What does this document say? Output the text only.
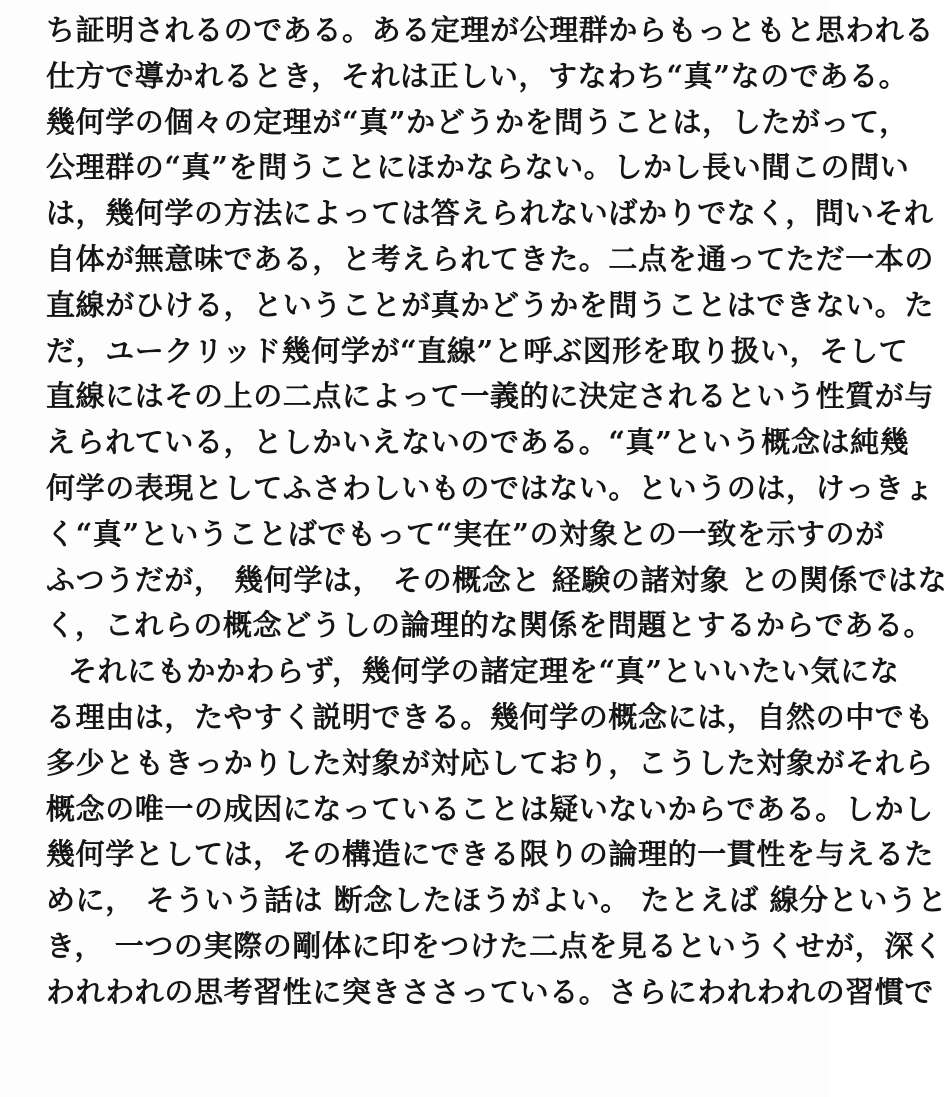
ち証明されるのである。ある定理が公理群からもっともと思われる
仕方で導かれるとき，それは正しい，すなわち“真”なのである。
幾何学の個々の定理が“真”かどうかを問うことは，したがって，
公理群の“真”を問うことにほかならない。しかし長い間この問い
は，幾何学の方法によっては答えられないばかりでなく，問いそれ
自体が無意味である，と考えられてきた。二点を通ってただ一本の
直線がひける，ということが真かどうかを問うことはできない。た
だ，ユークリッド幾何学が“直線”と呼ぶ図形を取り扱い，そして
直線にはその上の二点によって一義的に決定されるという性質が与
えられている，としかいえないのである。“真”という概念は純幾
何学の表現としてふさわしいものではない。というのは，けっきょ
く“真”ということばでもって“実在”の対象との一致を示すのが
ふつうだが， 幾何学は， その概念と 経験の諸対象 との関係ではな
く，これらの概念どうしの論理的な関係を問題とするからである。
それにもかかわらず，幾何学の諸定理を“真”といいたい気にな
る理由は，たやすく説明できる。幾何学の概念には，自然の中でも
多少ともきっかりした対象が対応しており，こうした対象がそれら
概念の唯一の成因になっていることは疑いないからである。しかし
幾何学としては，その構造にできる限りの論理的一貫性を与えるた
めに， そういう話は 断念したほうがよい。 たとえば 線分というと
き， 一つの実際の剛体に印をつけた二点を見るというくせが，深く
われわれの思考習性に突きささっている。さらにわれわれの習慣で
